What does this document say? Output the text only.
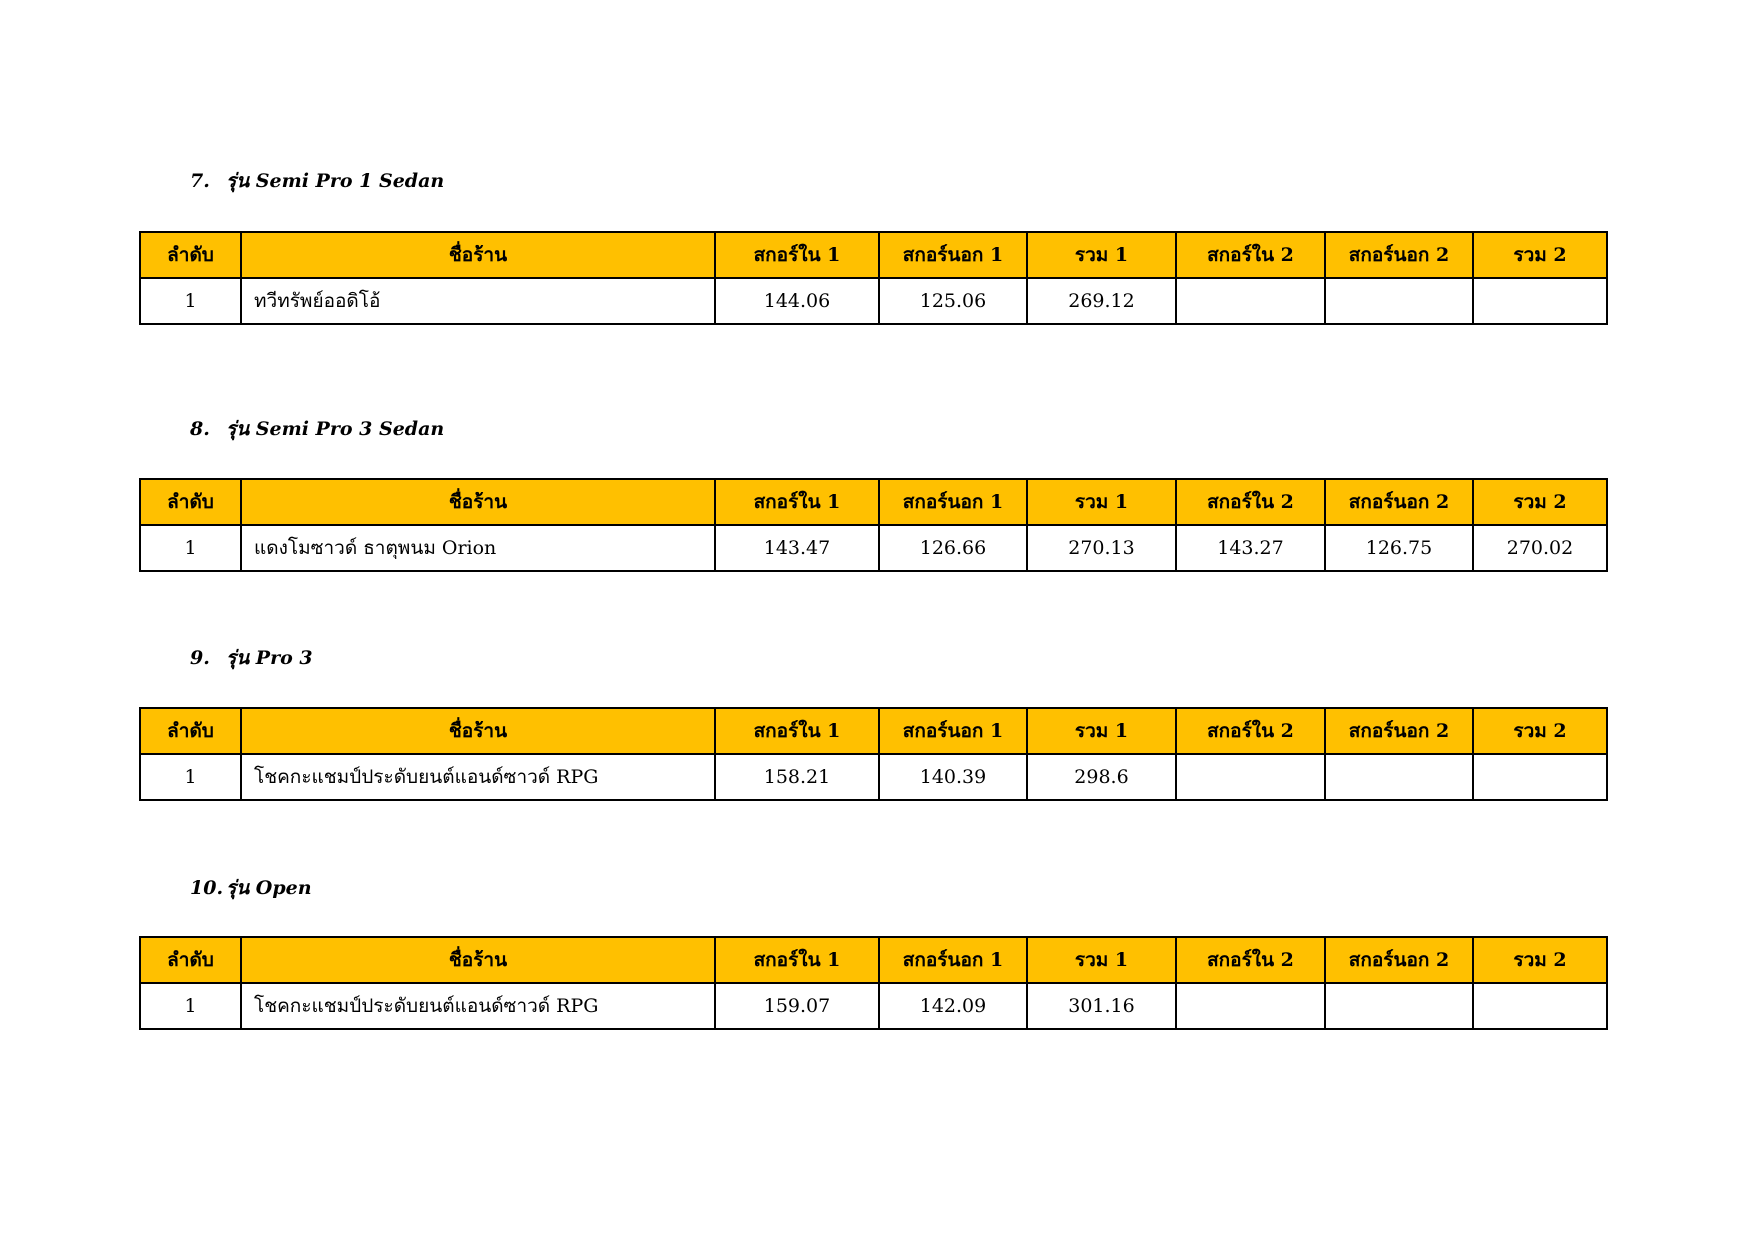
7. รุ่น Semi Pro 1 Sedan
ลำดับ	ชื่อร้าน	สกอร์ใน 1	สกอร์นอก 1	รวม 1	สกอร์ใน 2	สกอร์นอก 2	รวม 2
1	ทวีทรัพย์ออดิโอ้	144.06	125.06	269.12			
8. รุ่น Semi Pro 3 Sedan
ลำดับ	ชื่อร้าน	สกอร์ใน 1	สกอร์นอก 1	รวม 1	สกอร์ใน 2	สกอร์นอก 2	รวม 2
1	แดงโมซาวด์ ธาตุพนม Orion	143.47	126.66	270.13	143.27	126.75	270.02
9. รุ่น Pro 3
ลำดับ	ชื่อร้าน	สกอร์ใน 1	สกอร์นอก 1	รวม 1	สกอร์ใน 2	สกอร์นอก 2	รวม 2
1	โชคกะแชมป์ประดับยนต์แอนด์ซาวด์ RPG	158.21	140.39	298.6			
10. รุ่น Open
ลำดับ	ชื่อร้าน	สกอร์ใน 1	สกอร์นอก 1	รวม 1	สกอร์ใน 2	สกอร์นอก 2	รวม 2
1	โชคกะแชมป์ประดับยนต์แอนด์ซาวด์ RPG	159.07	142.09	301.16			
